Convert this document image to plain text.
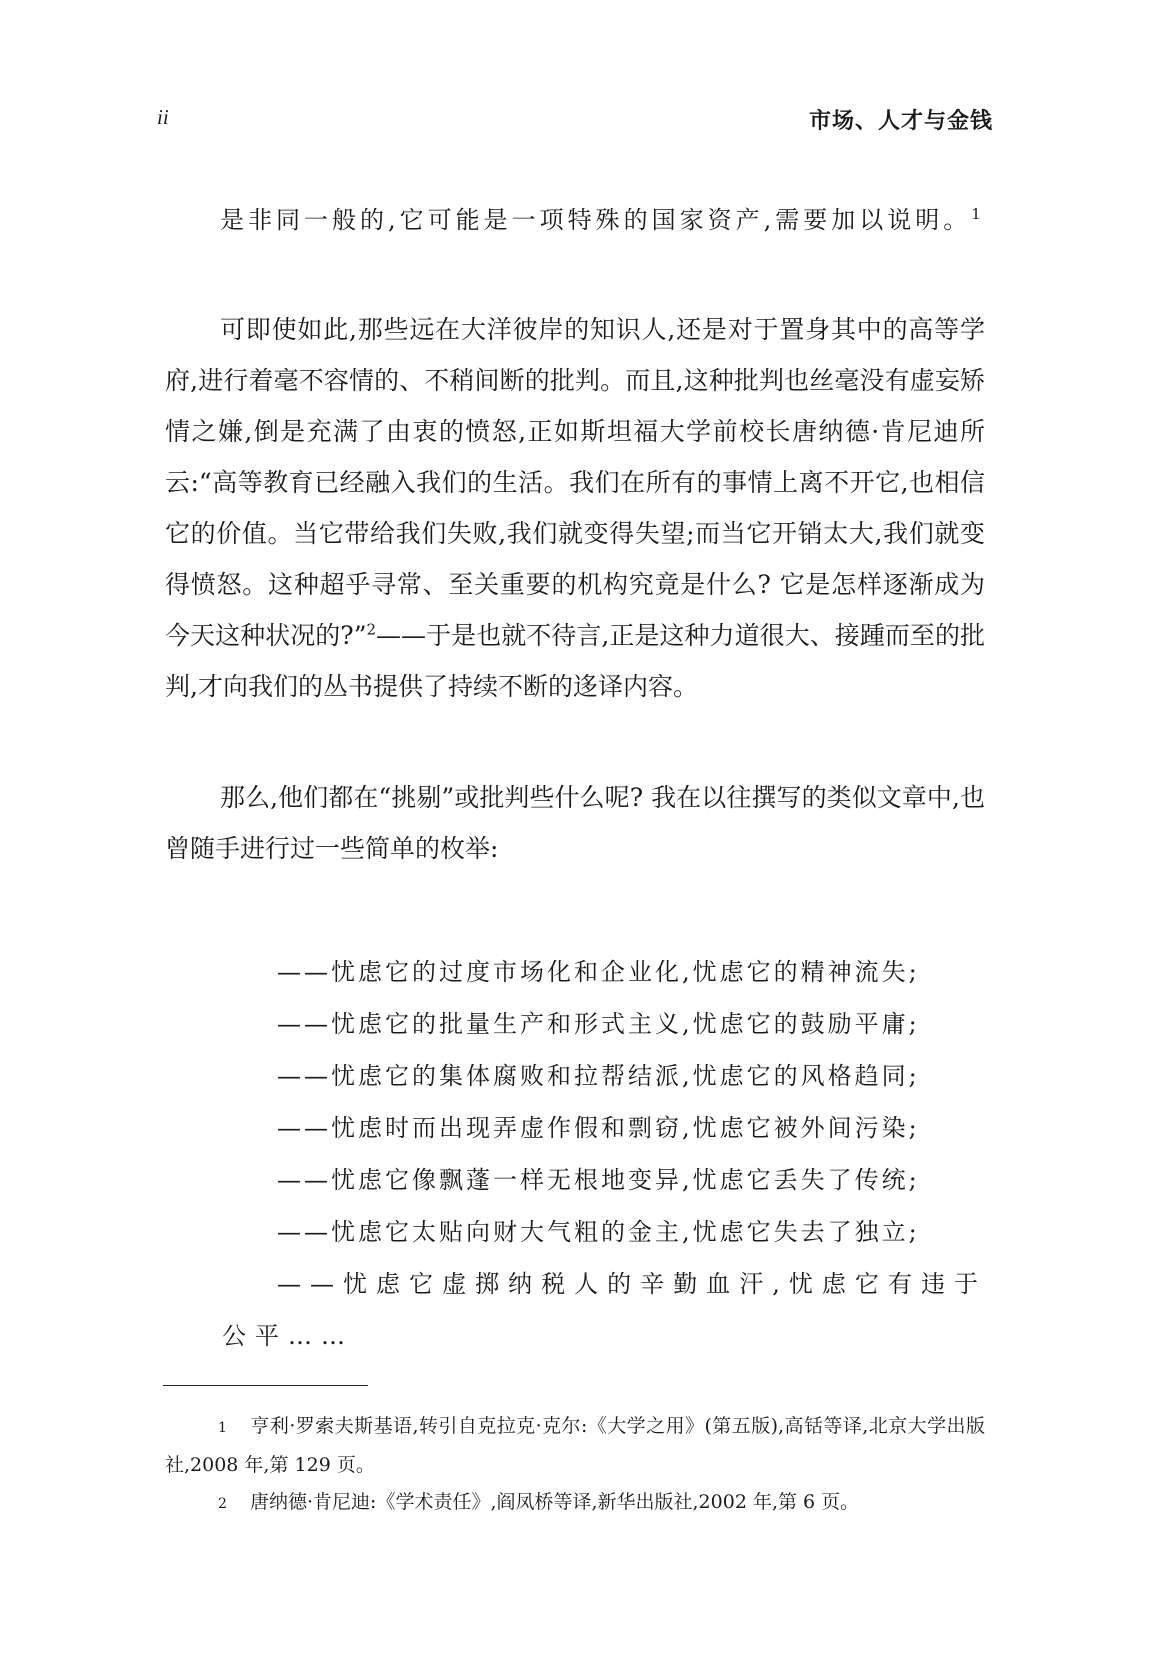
ii	市场、人才与金钱
是非同一般的,它可能是一项特殊的国家资产,需要加以说明。$^1$

可即使如此,那些远在大洋彼岸的知识人,还是对于置身其中的高等学府,进行着毫不容情的、不稍间断的批判。而且,这种批判也丝毫没有虚妄矫情之嫌,倒是充满了由衷的愤怒,正如斯坦福大学前校长唐纳德·肯尼迪所云:“高等教育已经融入我们的生活。我们在所有的事情上离不开它,也相信它的价值。当它带给我们失败,我们就变得失望;而当它开销太大,我们就变得愤怒。这种超乎寻常、至关重要的机构究竟是什么? 它是怎样逐渐成为今天这种状况的?”$^2$——于是也就不待言,正是这种力道很大、接踵而至的批判,才向我们的丛书提供了持续不断的迻译内容。

那么,他们都在“挑剔”或批判些什么呢? 我在以往撰写的类似文章中,也曾随手进行过一些简单的枚举:

——忧虑它的过度市场化和企业化,忧虑它的精神流失;
——忧虑它的批量生产和形式主义,忧虑它的鼓励平庸;
——忧虑它的集体腐败和拉帮结派,忧虑它的风格趋同;
——忧虑时而出现弄虚作假和剽窃,忧虑它被外间污染;
——忧虑它像飘蓬一样无根地变异,忧虑它丢失了传统;
——忧虑它太贴向财大气粗的金主,忧虑它失去了独立;
——忧虑它虚掷纳税人的辛勤血汗,忧虑它有违于公平……
1 亨利·罗索夫斯基语,转引自克拉克·克尔:《大学之用》(第五版),高铦等译,北京大学出版社,2008 年,第 129 页。
2 唐纳德·肯尼迪:《学术责任》,阎凤桥等译,新华出版社,2002 年,第 6 页。
